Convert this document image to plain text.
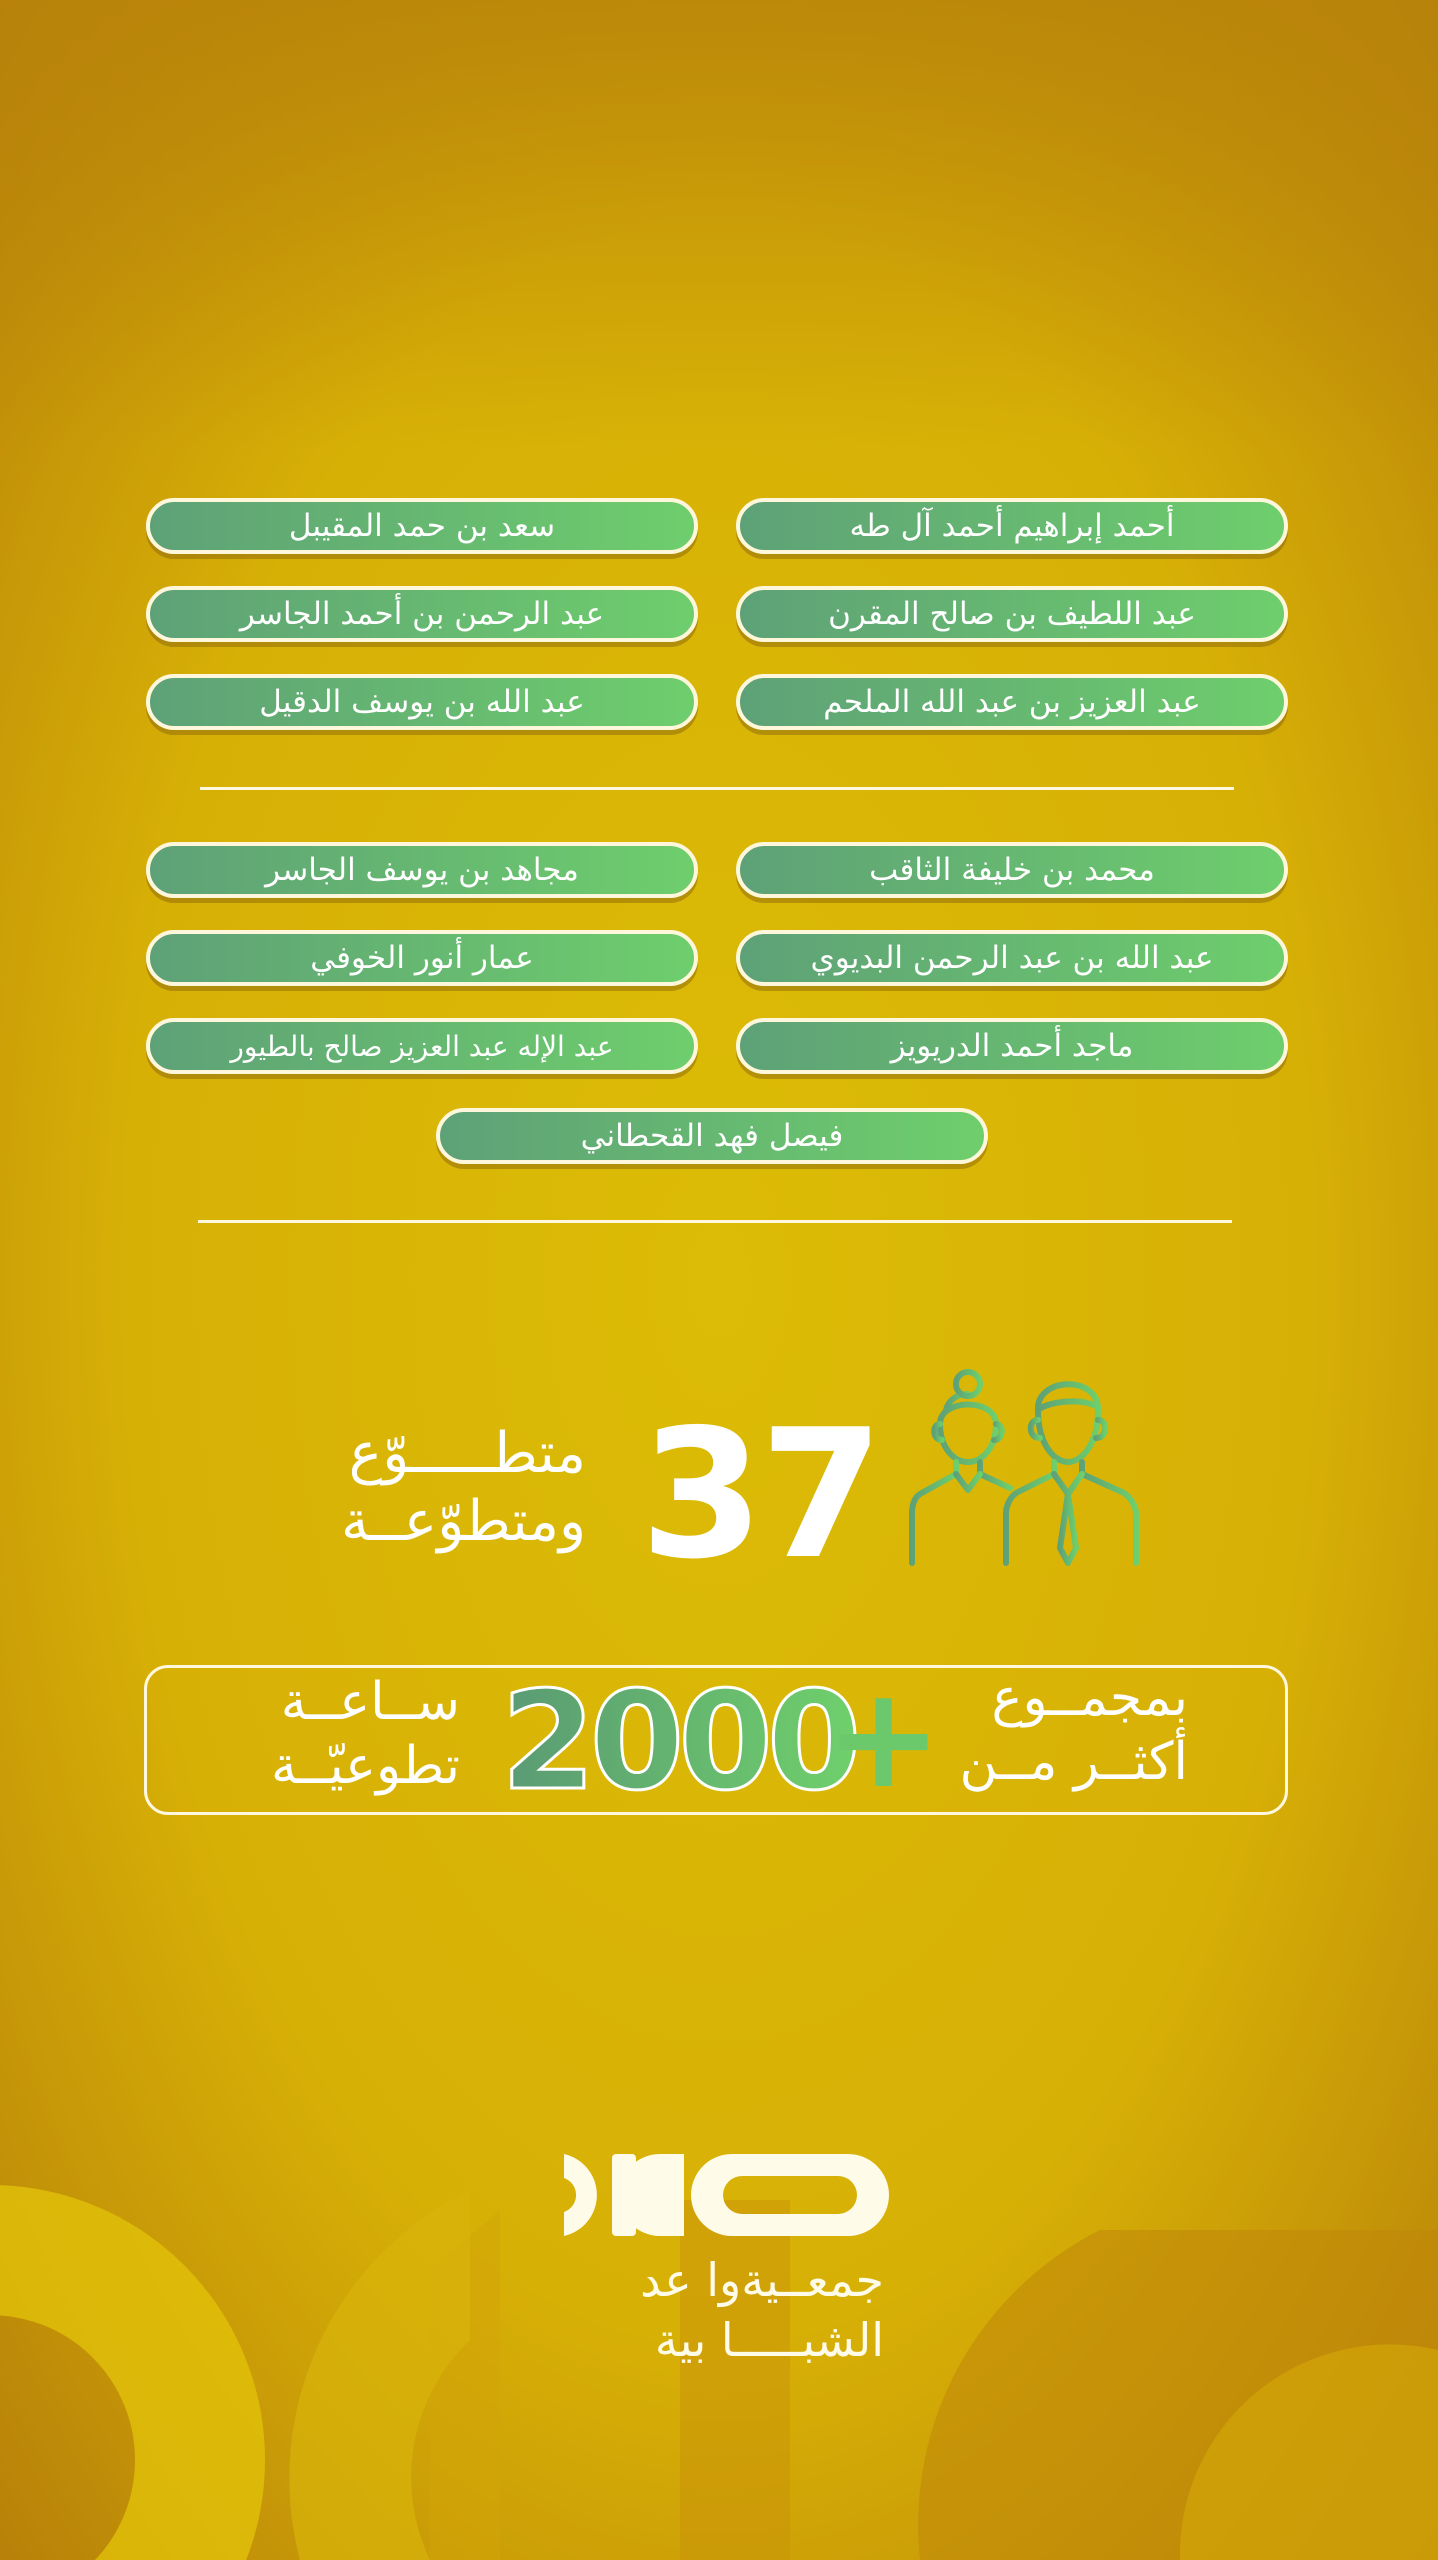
أحمد إبراهيم أحمد آل طه
سعد بن حمد المقيبل
عبد اللطيف بن صالح المقرن
عبد الرحمن بن أحمد الجاسر
عبد العزيز بن عبد الله الملحم
عبد الله بن يوسف الدقيل
محمد بن خليفة الثاقب
مجاهد بن يوسف الجاسر
عبد الله بن عبد الرحمن البديوي
عمار أنور الخوفي
ماجد أحمد الدريويز
عبد الإله عبد العزيز صالح بالطيور
فيصل فهد القحطاني
37
متطـــــوّع
ومتطوّعــة
بمجمــوع
أكثــر مــن
2000
+
ســاعــة
تطوعيّــة
جمعــيةوا عد
الشبـــــا بية
